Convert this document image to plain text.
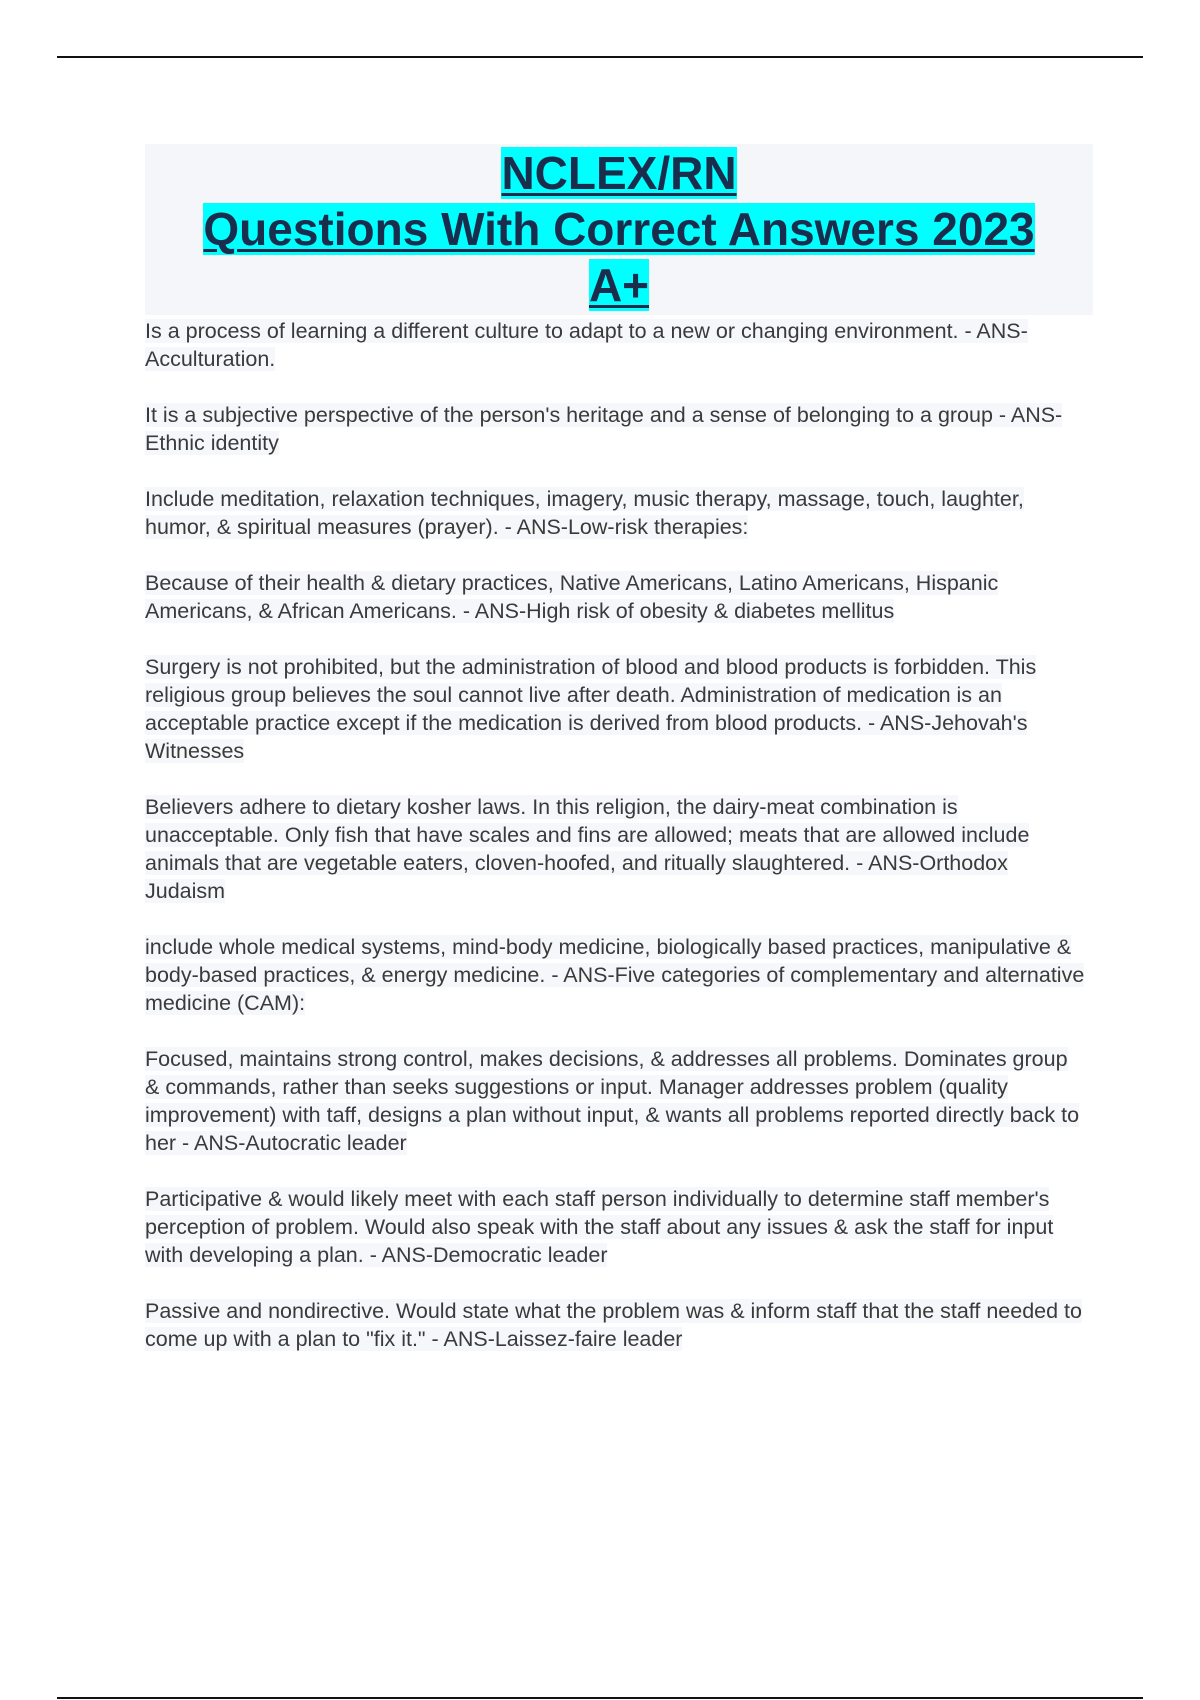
NCLEX/RN
Questions With Correct Answers 2023
A+

Is a process of learning a different culture to adapt to a new or changing environment. - ANS-Acculturation.

It is a subjective perspective of the person's heritage and a sense of belonging to a group - ANS-Ethnic identity

Include meditation, relaxation techniques, imagery, music therapy, massage, touch, laughter, humor, & spiritual measures (prayer). - ANS-Low-risk therapies:

Because of their health & dietary practices, Native Americans, Latino Americans, Hispanic Americans, & African Americans. - ANS-High risk of obesity & diabetes mellitus

Surgery is not prohibited, but the administration of blood and blood products is forbidden. This religious group believes the soul cannot live after death. Administration of medication is an acceptable practice except if the medication is derived from blood products. - ANS-Jehovah's Witnesses

Believers adhere to dietary kosher laws. In this religion, the dairy-meat combination is unacceptable. Only fish that have scales and fins are allowed; meats that are allowed include animals that are vegetable eaters, cloven-hoofed, and ritually slaughtered. - ANS-Orthodox Judaism

include whole medical systems, mind-body medicine, biologically based practices, manipulative & body-based practices, & energy medicine. - ANS-Five categories of complementary and alternative medicine (CAM):

Focused, maintains strong control, makes decisions, & addresses all problems. Dominates group & commands, rather than seeks suggestions or input. Manager addresses problem (quality improvement) with taff, designs a plan without input, & wants all problems reported directly back to her - ANS-Autocratic leader

Participative & would likely meet with each staff person individually to determine staff member's perception of problem. Would also speak with the staff about any issues & ask the staff for input with developing a plan. - ANS-Democratic leader

Passive and nondirective. Would state what the problem was & inform staff that the staff needed to come up with a plan to "fix it." - ANS-Laissez-faire leader
